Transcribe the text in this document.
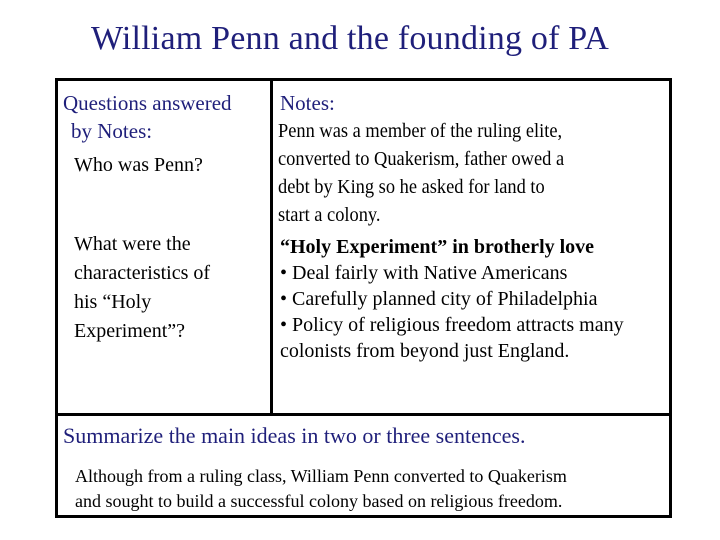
William Penn and the founding of PA
Questions answered
by Notes:
Who was Penn?
What were the
characteristics of
his “Holy
Experiment”?
Notes:
Penn was a member of the ruling elite,
converted to Quakerism, father owed a
debt by King so he asked for land to
start a colony.
“Holy Experiment” in brotherly love
• Deal fairly with Native Americans
• Carefully planned city of Philadelphia
• Policy of religious freedom attracts many
colonists from beyond just England.
Summarize the main ideas in two or three sentences.
Although from a ruling class, William Penn converted to Quakerism
and sought to build a successful colony based on religious freedom.
